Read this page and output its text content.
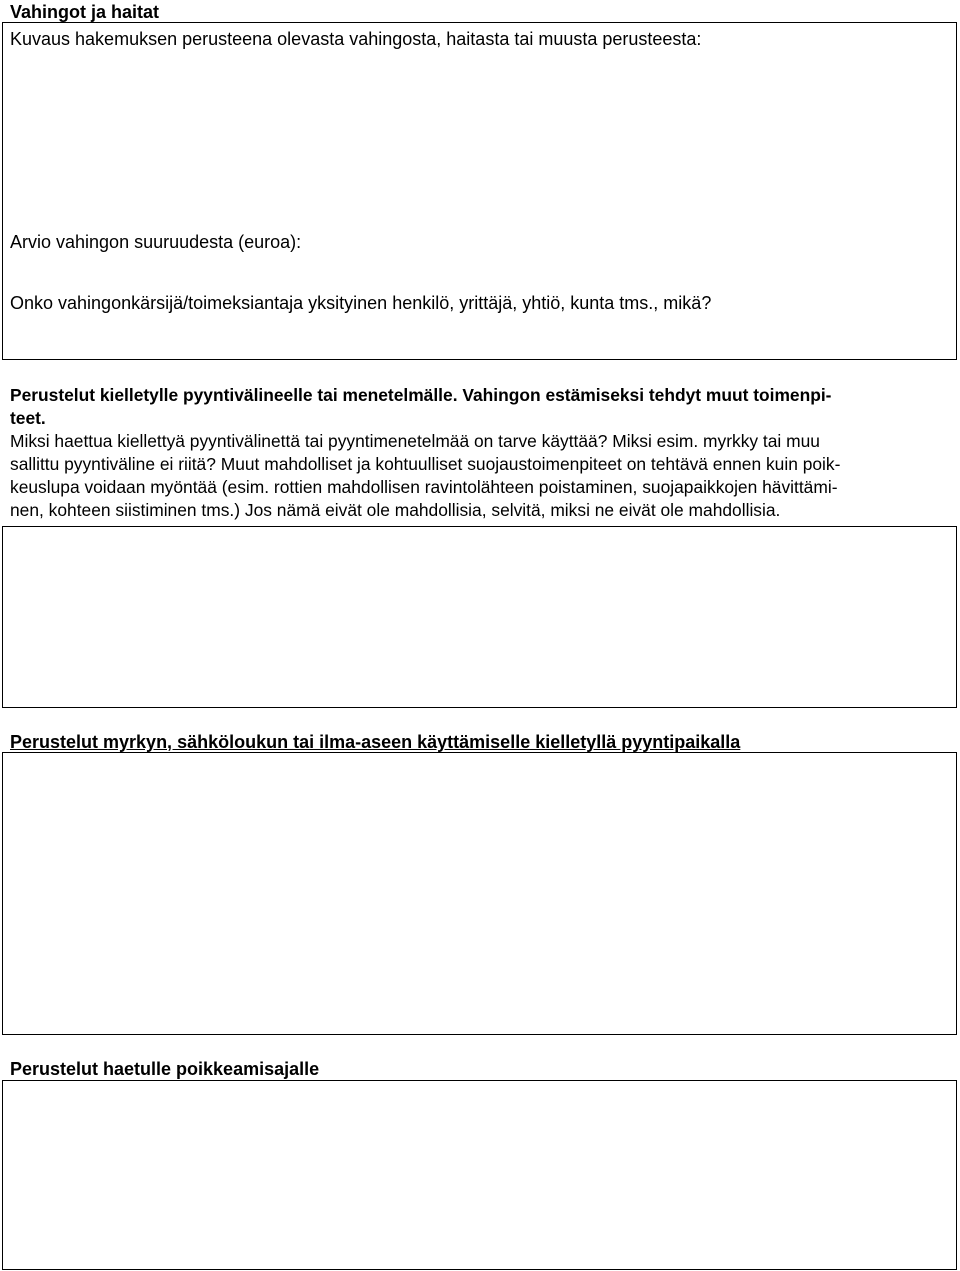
Vahingot ja haitat
Kuvaus hakemuksen perusteena olevasta vahingosta, haitasta tai muusta perusteesta:
Arvio vahingon suuruudesta (euroa):
Onko vahingonkärsijä/toimeksiantaja yksityinen henkilö, yrittäjä, yhtiö, kunta tms., mikä?

Perustelut kielletylle pyyntivälineelle tai menetelmälle. Vahingon estämiseksi tehdyt muut toimenpi-

teet.

Miksi haettua kiellettyä pyyntivälinettä tai pyyntimenetelmää on tarve käyttää? Miksi esim. myrkky tai muu

sallittu pyyntiväline ei riitä? Muut mahdolliset ja kohtuulliset suojaustoimenpiteet on tehtävä ennen kuin poik-

keuslupa voidaan myöntää (esim. rottien mahdollisen ravintolähteen poistaminen, suojapaikkojen hävittämi-

nen, kohteen siistiminen tms.) Jos nämä eivät ole mahdollisia, selvitä, miksi ne eivät ole mahdollisia.

Perustelut myrkyn, sähköloukun tai ilma-aseen käyttämiselle kielletyllä pyyntipaikalla
Perustelut haetulle poikkeamisajalle
